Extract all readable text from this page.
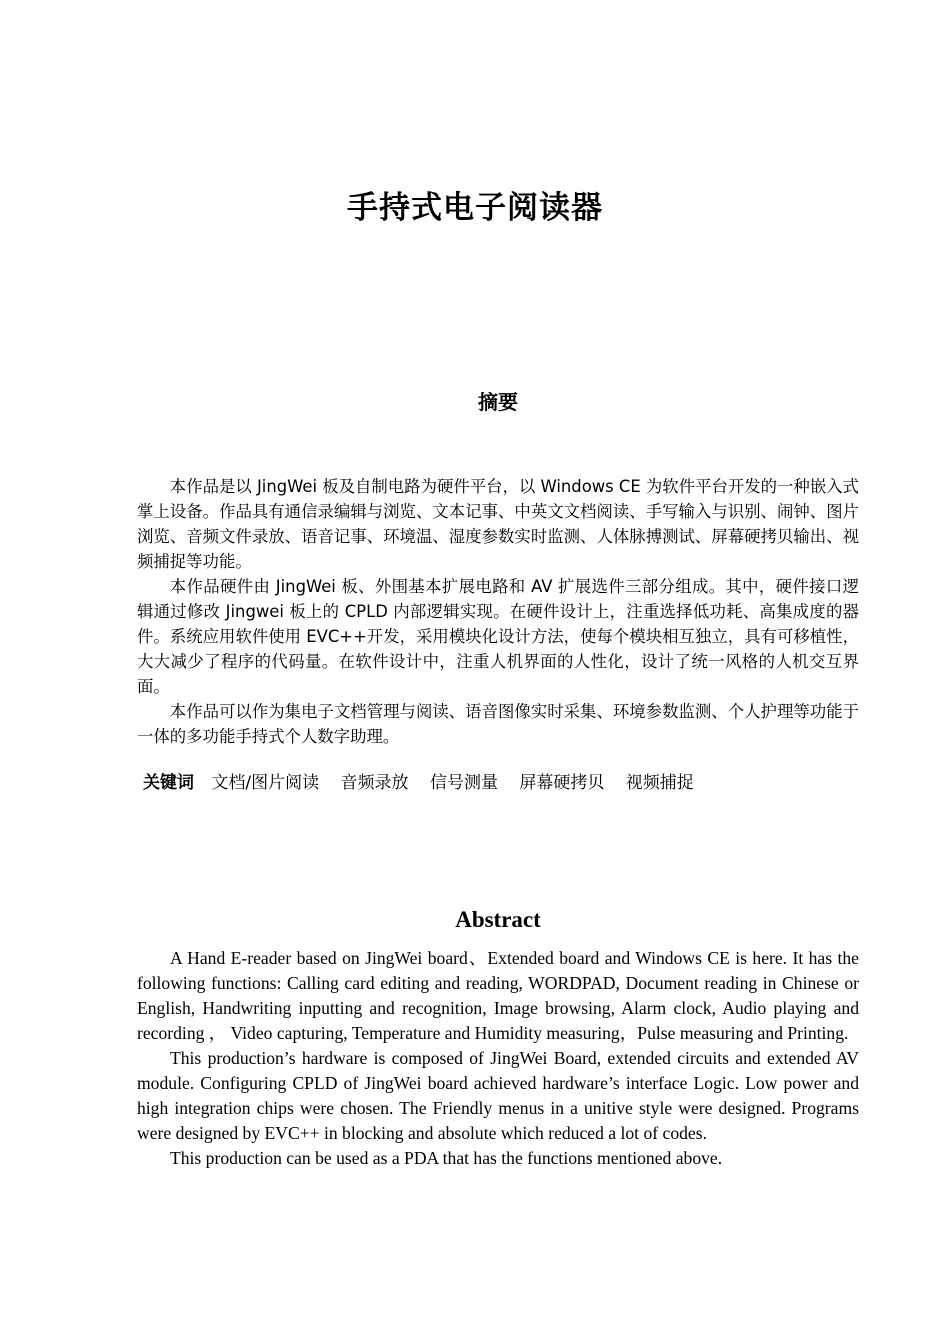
手持式电子阅读器
摘要

本作品是以 JingWei 板及自制电路为硬件平台，以 Windows CE 为软件平台开发的一种嵌入式掌上设备。作品具有通信录编辑与浏览、文本记事、中英文文档阅读、手写输入与识别、闹钟、图片浏览、音频文件录放、语音记事、环境温、湿度参数实时监测、人体脉搏测试、屏幕硬拷贝输出、视频捕捉等功能。

本作品硬件由 JingWei 板、外围基本扩展电路和 AV 扩展选件三部分组成。其中，硬件接口逻辑通过修改 Jingwei 板上的 CPLD 内部逻辑实现。在硬件设计上，注重选择低功耗、高集成度的器件。系统应用软件使用 EVC++开发，采用模块化设计方法，使每个模块相互独立，具有可移植性，大大减少了程序的代码量。在软件设计中，注重人机界面的人性化，设计了统一风格的人机交互界面。

本作品可以作为集电子文档管理与阅读、语音图像实时采集、环境参数监测、个人护理等功能于一体的多功能手持式个人数字助理。

关键词 文档/图片阅读 音频录放 信号测量 屏幕硬拷贝 视频捕捉
Abstract

A Hand E-reader based on JingWei board、Extended board and Windows CE is here. It has the following functions: Calling card editing and reading, WORDPAD, Document reading in Chinese or English, Handwriting inputting and recognition, Image browsing, Alarm clock, Audio playing and recording ， Video capturing, Temperature and Humidity measuring，Pulse measuring and Printing.

This production’s hardware is composed of JingWei Board, extended circuits and extended AV module. Configuring CPLD of JingWei board achieved hardware’s interface Logic. Low power and high integration chips were chosen. The Friendly menus in a unitive style were designed. Programs were designed by EVC++ in blocking and absolute which reduced a lot of codes.

This production can be used as a PDA that has the functions mentioned above.
